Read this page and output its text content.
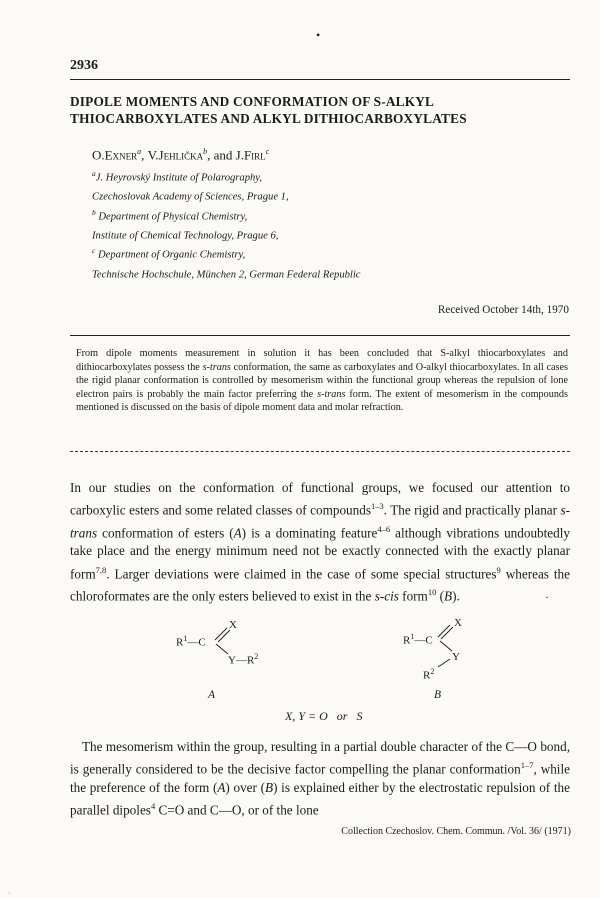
•
2936
DIPOLE MOMENTS AND CONFORMATION OF S-ALKYL
THIOCARBOXYLATES AND ALKYL DITHIOCARBOXYLATES
O.Exner$^a$, V.Jehlička$^b$, and J.Firl$^c$
$^a$J. Heyrovský Institute of Polarography,
Czechoslovak Academy of Sciences, Prague 1,
$^b$ Department of Physical Chemistry,
Institute of Chemical Technology, Prague 6,
$^c$ Department of Organic Chemistry,
Technische Hochschule, München 2, German Federal Republic
Received October 14th, 1970
From dipole moments measurement in solution it has been concluded that S-alkyl thiocarboxylates and dithiocarboxylates possess the s-trans conformation, the same as carboxylates and O-alkyl thiocarboxylates. In all cases the rigid planar conformation is controlled by mesomerism within the functional group whereas the repulsion of lone electron pairs is probably the main factor preferring the s-trans form. The extent of mesomerism in the compounds mentioned is discussed on the basis of dipole moment data and molar refraction.
In our studies on the conformation of functional groups, we focused our attention to carboxylic esters and some related classes of compounds$^{1-3}$. The rigid and practically planar s-trans conformation of esters (A) is a dominating feature$^{4-6}$ although vibrations undoubtedly take place and the energy minimum need not be exactly connected with the exactly planar form$^{7,8}$. Larger deviations were claimed in the case of some special structures$^9$ whereas the chloroformates are the only esters believed to exist in the s-cis form$^{10}$ (B).	·
$R^1—C$
X
$Y—R^2$
A
$R^1—C$
X
Y
$R^2$
B
X, Y = O   or   S
The mesomerism within the group, resulting in a partial double character of the C—O bond, is generally considered to be the decisive factor compelling the planar conformation$^{1-7}$, while the preference of the form (A) over (B) is explained either by the electrostatic repulsion of the parallel dipoles$^4$ C=O and C—O, or of the lone
Collection Czechoslov. Chem. Commun. /Vol. 36/ (1971)
·
